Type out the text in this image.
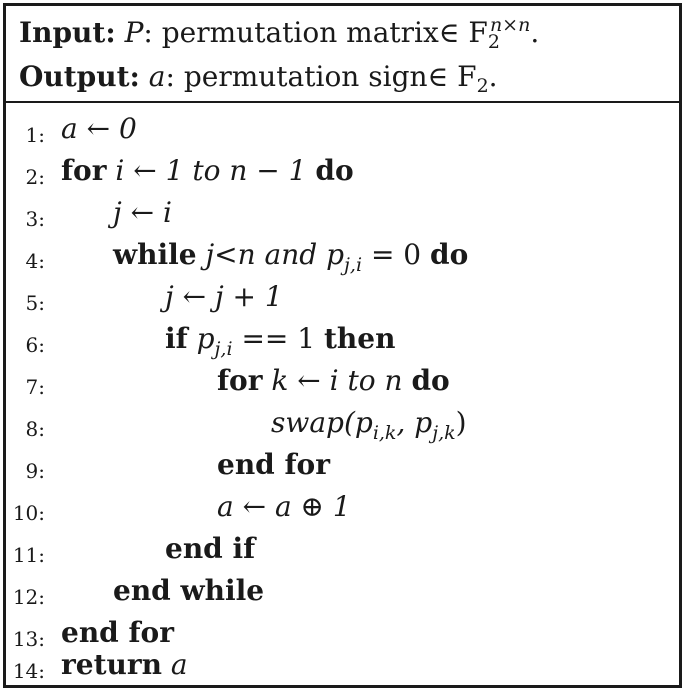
Input: P: permutation matrix∈ $F_2^{n\times n}$.
Output: a: permutation sign∈ $F_2$.
1: a ← 0
2: for i ← 1 to n − 1 do
3: j ← i
4: while j<n and $p_{j,i} = 0$ do
5:	j ← j + 1
6:	if $p_{j,i} == 1$ then
7:	for k ← i to n do
8:	$swap(p_{i,k}$, $p_{j,k}$)
9:	end for
10:	a ← a ⊕ 1
11:	end if
12: end while
13: end for
14: return a
